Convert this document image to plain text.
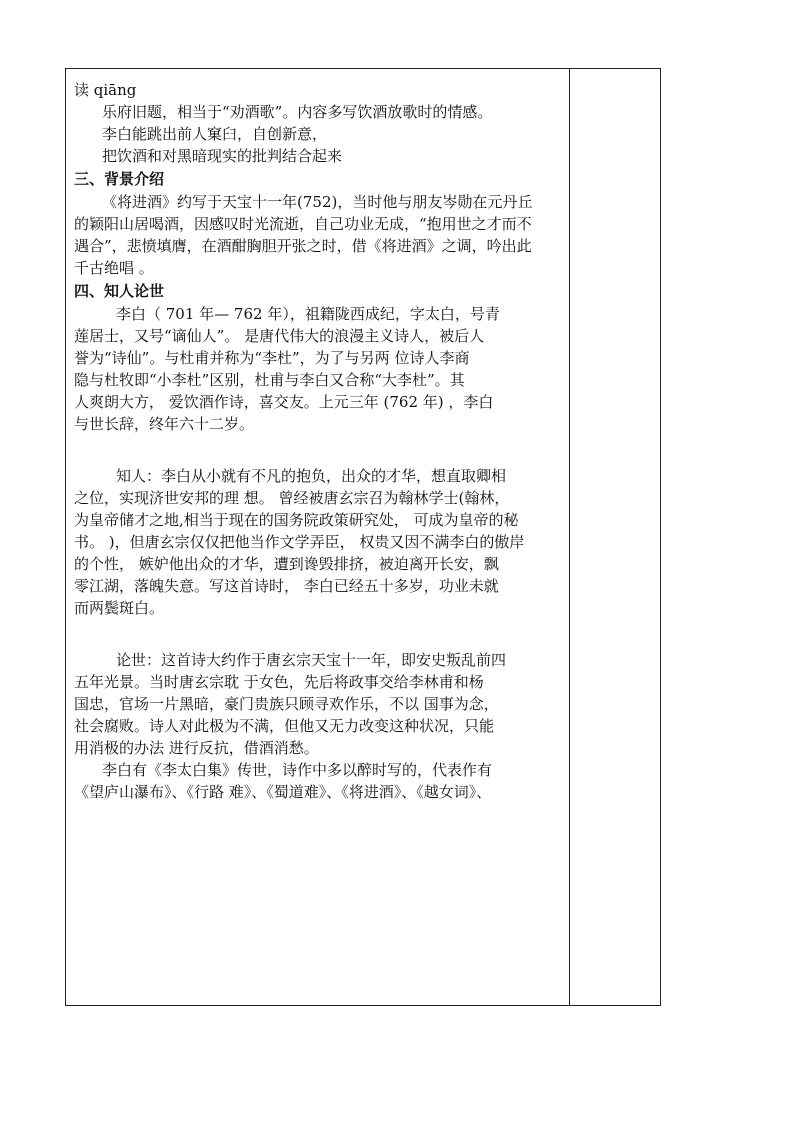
读 qiāng
乐府旧题，相当于“劝酒歌”。内容多写饮酒放歌时的情感。
李白能跳出前人窠臼，自创新意，
把饮酒和对黑暗现实的批判结合起来
三、背景介绍
《将进酒》约写于天宝十一年(752)，当时他与朋友岑勋在元丹丘
的颖阳山居喝酒，因感叹时光流逝，自己功业无成，“抱用世之才而不
遇合”，悲愤填膺，在酒酣胸胆开张之时，借《将进酒》之调，吟出此
千古绝唱 。
四、知人论世
李白（ 701 年— 762 年），祖籍陇西成纪，字太白，号青
莲居士，又号“谪仙人”。 是唐代伟大的浪漫主义诗人，被后人
誉为“诗仙”。与杜甫并称为“李杜”，为了与另两 位诗人李商
隐与杜牧即“小李杜”区别，杜甫与李白又合称“大李杜”。其
人爽朗大方， 爱饮酒作诗，喜交友。上元三年 (762 年) ，李白
与世长辞，终年六十二岁。
知人：李白从小就有不凡的抱负，出众的才华，想直取卿相
之位，实现济世安邦的理 想。 曾经被唐玄宗召为翰林学士(翰林，
为皇帝储才之地,相当于现在的国务院政策研究处， 可成为皇帝的秘
书。 )，但唐玄宗仅仅把他当作文学弄臣， 权贵又因不满李白的傲岸
的个性， 嫉妒他出众的才华，遭到谗毁排挤，被迫离开长安，飘
零江湖，落魄失意。写这首诗时， 李白已经五十多岁，功业未就
而两鬓斑白。
论世：这首诗大约作于唐玄宗天宝十一年，即安史叛乱前四
五年光景。当时唐玄宗耽 于女色，先后将政事交给李林甫和杨
国忠，官场一片黑暗，豪门贵族只顾寻欢作乐，不以 国事为念，
社会腐败。诗人对此极为不满，但他又无力改变这种状况，只能
用消极的办法 进行反抗，借酒消愁。
李白有《李太白集》传世，诗作中多以醉时写的，代表作有
《望庐山瀑布》、《行路 难》、《蜀道难》、《将进酒》、《越女词》、
